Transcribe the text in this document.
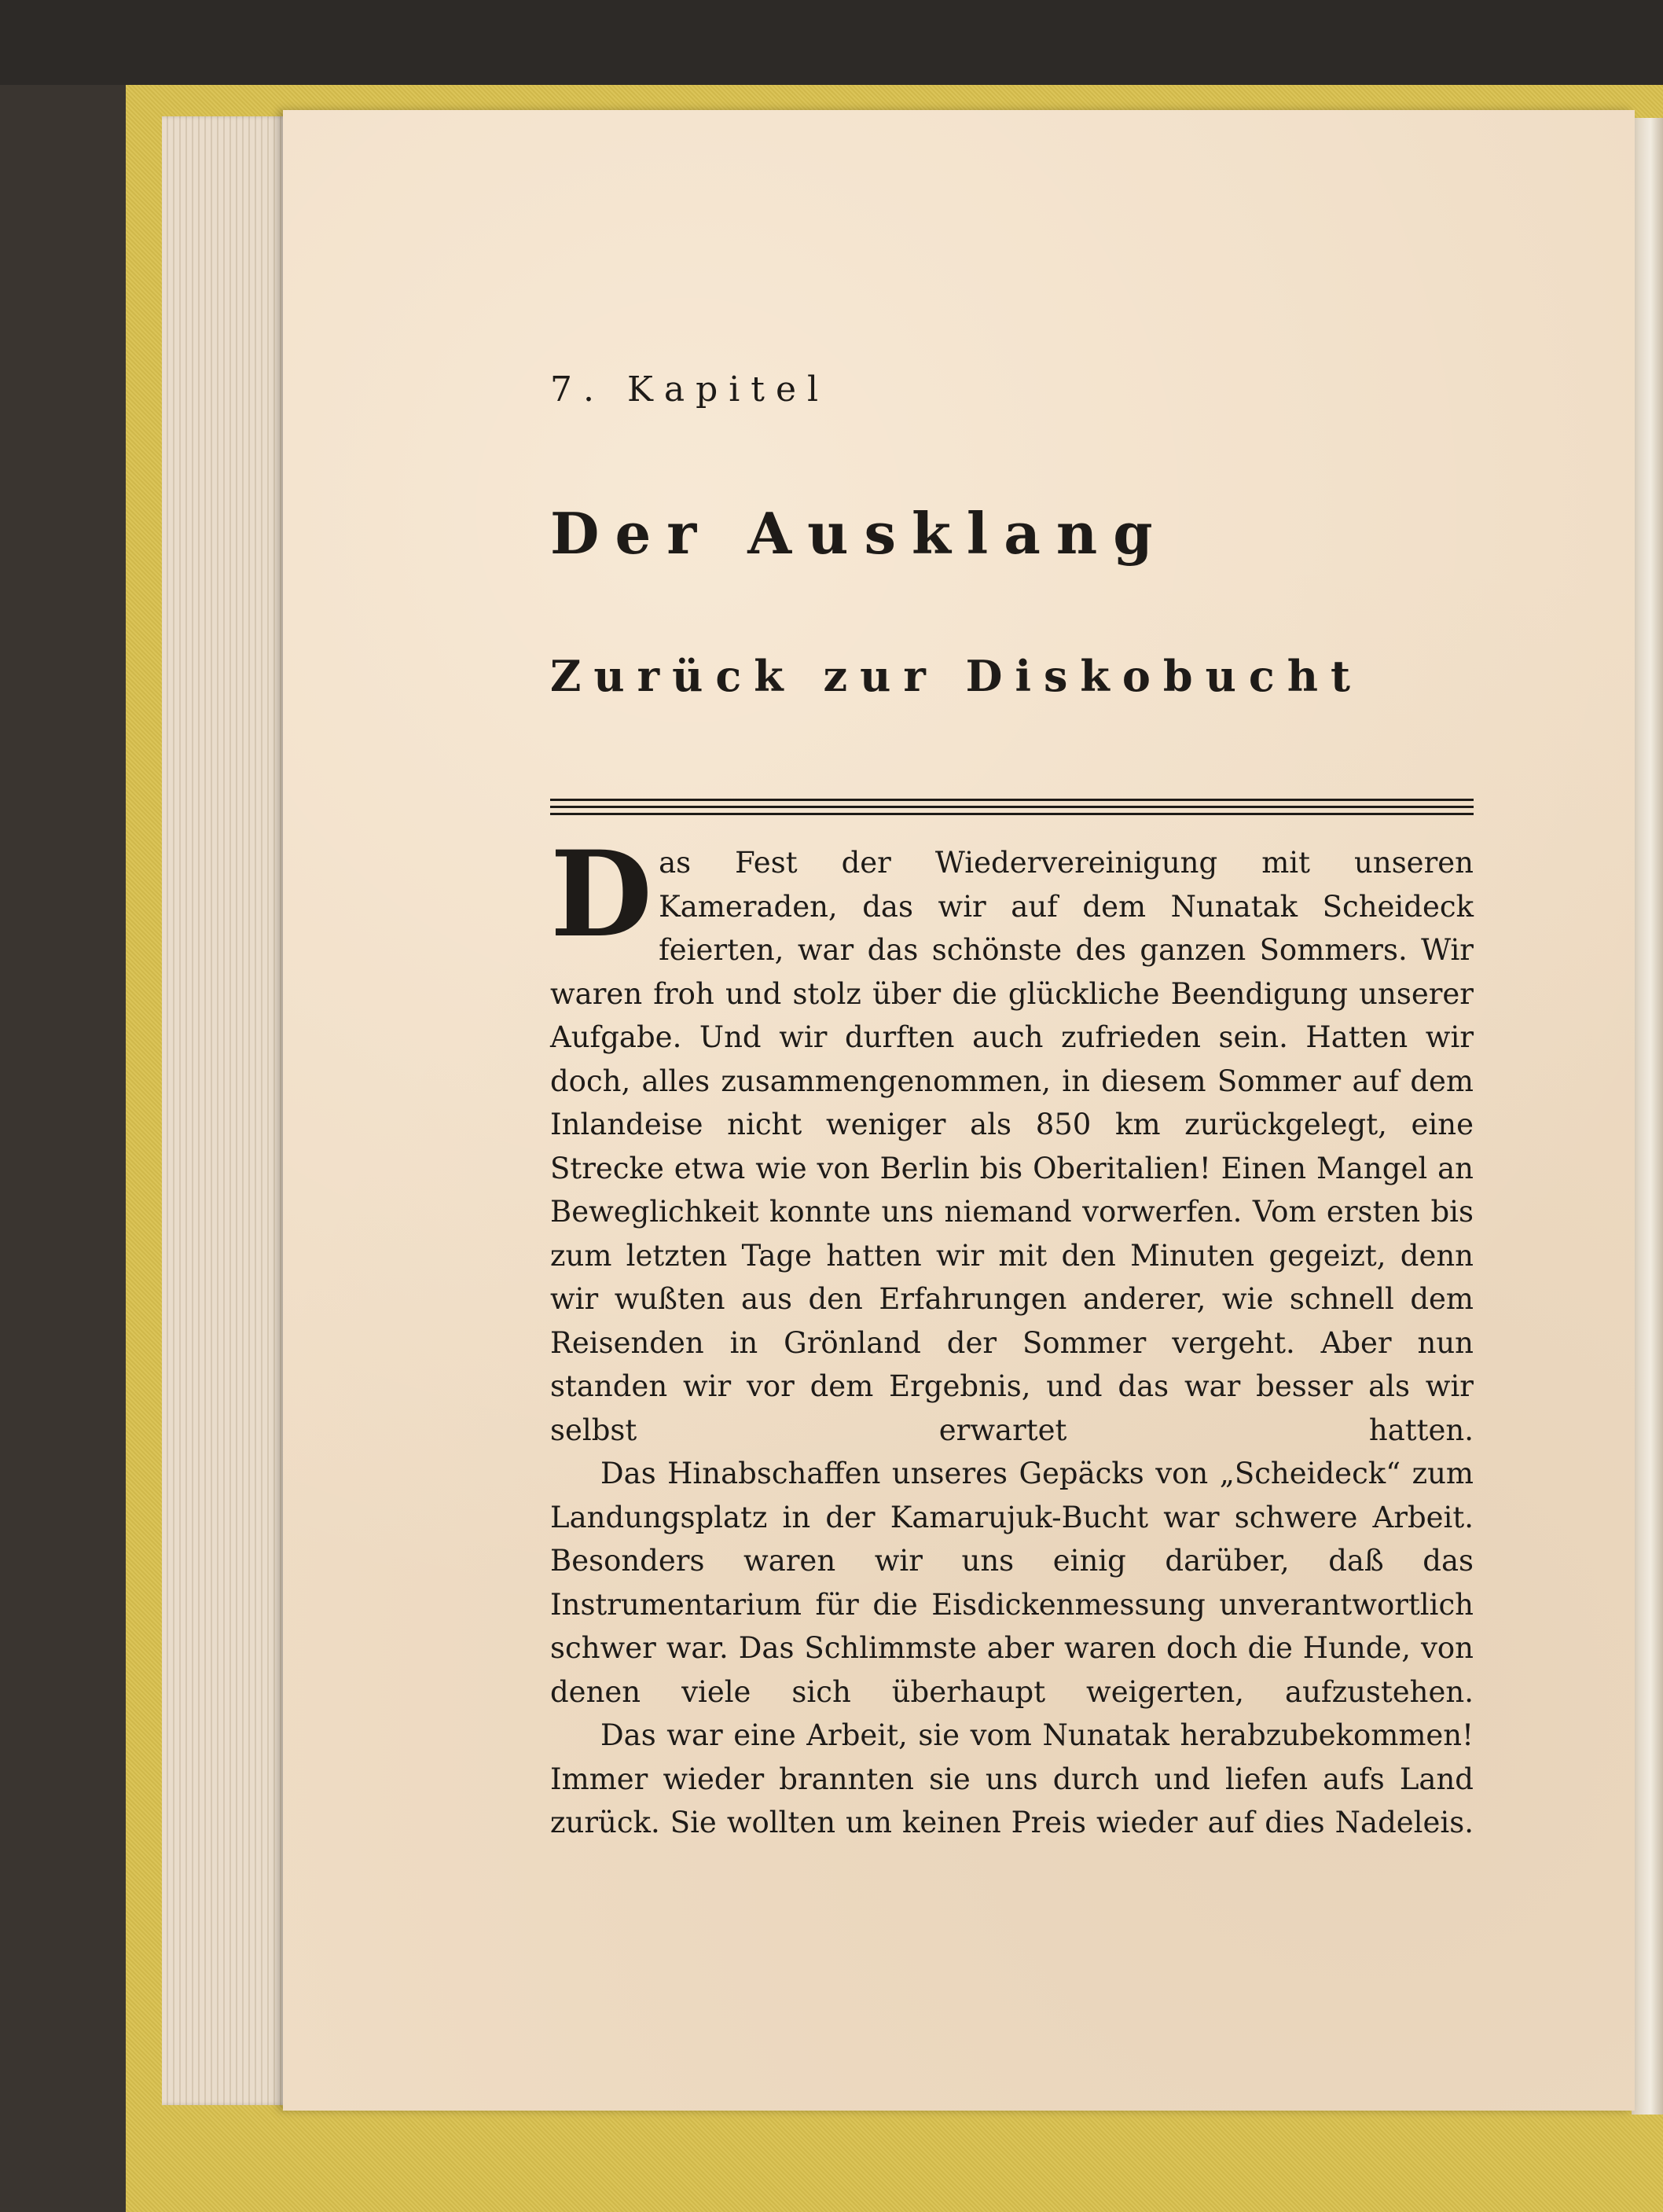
7. Kapitel
Der Ausklang
Zurück zur Diskobucht

Das Fest der Wiedervereinigung mit unseren Kameraden, das wir auf dem Nunatak Scheideck feierten, war das schönste des ganzen Sommers. Wir waren froh und stolz über die glückliche Beendigung unserer Aufgabe. Und wir durften auch zufrieden sein. Hatten wir doch, alles zusammengenommen, in diesem Sommer auf dem Inlandeise nicht weniger als 850 km zurückgelegt, eine Strecke etwa wie von Berlin bis Oberitalien! Einen Mangel an Beweglichkeit konnte uns niemand vorwerfen. Vom ersten bis zum letzten Tage hatten wir mit den Minuten gegeizt, denn wir wußten aus den Erfahrungen anderer, wie schnell dem Reisenden in Grönland der Sommer vergeht. Aber nun standen wir vor dem Ergebnis, und das war besser als wir selbst erwartet hatten.

Das Hinabschaffen unseres Gepäcks von „Scheideck“ zum Landungsplatz in der Kamarujuk-Bucht war schwere Arbeit. Besonders waren wir uns einig darüber, daß das Instrumentarium für die Eisdickenmessung unverantwortlich schwer war. Das Schlimmste aber waren doch die Hunde, von denen viele sich überhaupt weigerten, aufzustehen.

Das war eine Arbeit, sie vom Nunatak herabzubekommen! Immer wieder brannten sie uns durch und liefen aufs Land zurück. Sie wollten um keinen Preis wieder auf dies Nadeleis.
